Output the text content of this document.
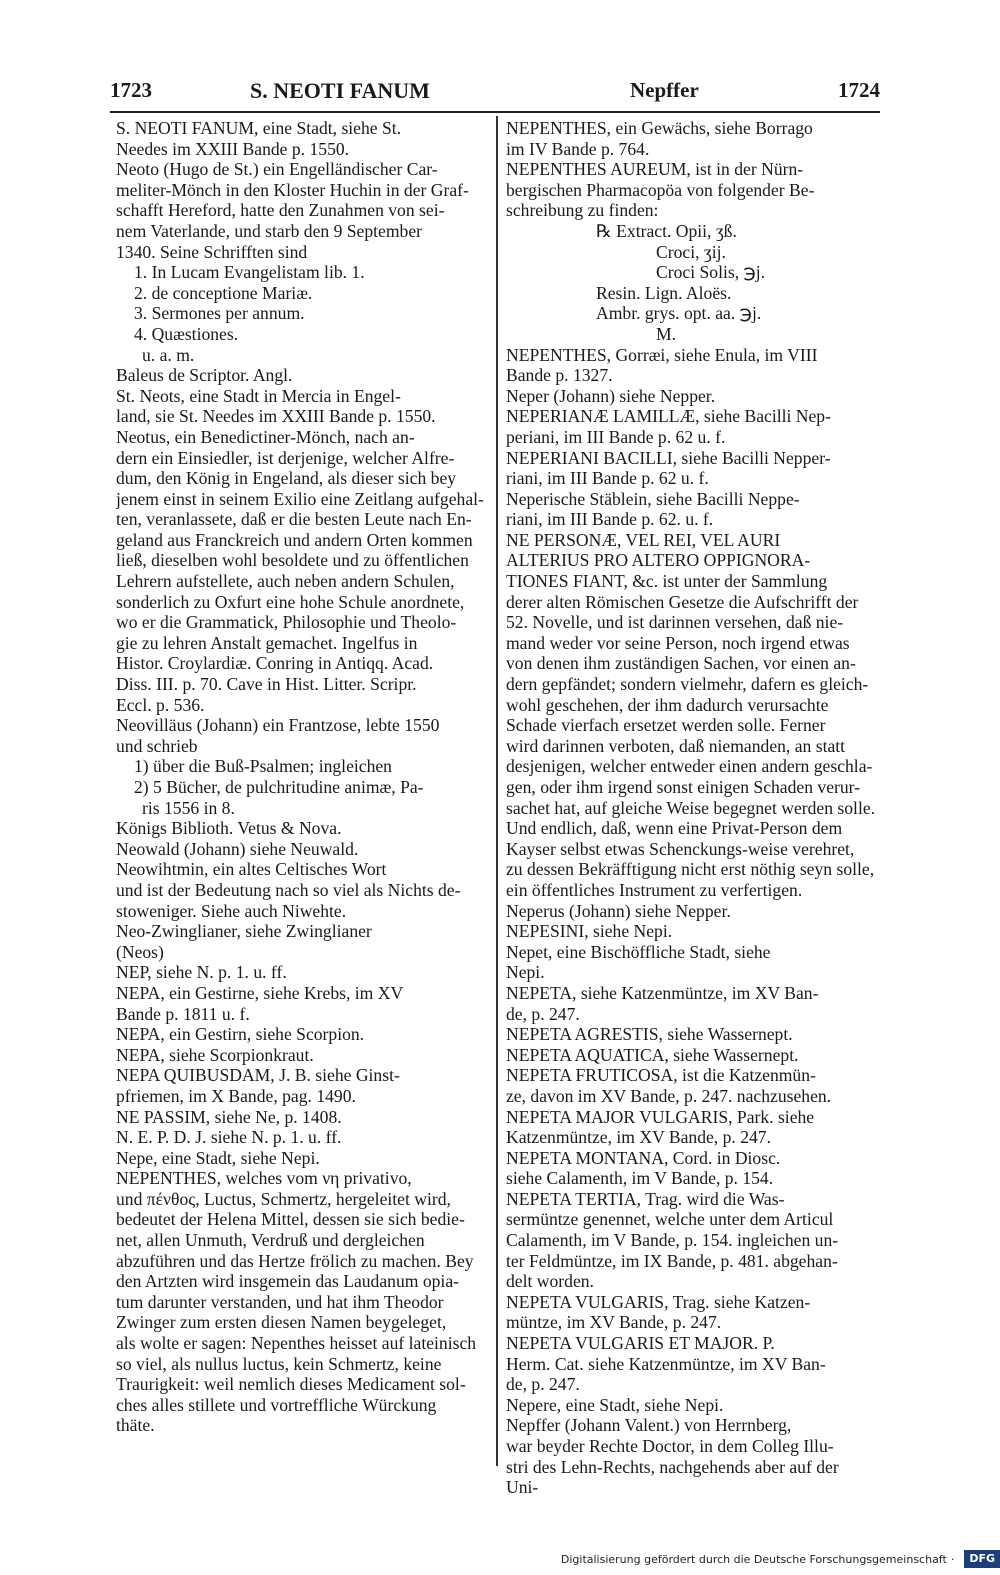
1723	S. NEOTI FANUM	Nepffer	1724
S. NEOTI FANUM, eine Stadt, siehe St.
Needes im XXIII Bande p. 1550.
Neoto (Hugo de St.) ein Engelländischer Car-
meliter-Mönch in den Kloster Huchin in der Graf-
schafft Hereford, hatte den Zunahmen von sei-
nem Vaterlande, und starb den 9 September
1340. Seine Schrifften sind
1. In Lucam Evangelistam lib. 1.
2. de conceptione Mariæ.
3. Sermones per annum.
4. Quæstiones.
u. a. m.
Baleus de Scriptor. Angl.
St. Neots, eine Stadt in Mercia in Engel-
land, sie St. Needes im XXIII Bande p. 1550.
Neotus, ein Benedictiner-Mönch, nach an-
dern ein Einsiedler, ist derjenige, welcher Alfre-
dum, den König in Engeland, als dieser sich bey
jenem einst in seinem Exilio eine Zeitlang aufgehal-
ten, veranlassete, daß er die besten Leute nach En-
geland aus Franckreich und andern Orten kommen
ließ, dieselben wohl besoldete und zu öffentlichen
Lehrern aufstellete, auch neben andern Schulen,
sonderlich zu Oxfurt eine hohe Schule anordnete,
wo er die Grammatick, Philosophie und Theolo-
gie zu lehren Anstalt gemachet. Ingelfus in
Histor. Croylardiæ. Conring in Antiqq. Acad.
Diss. III. p. 70. Cave in Hist. Litter. Scripr.
Eccl. p. 536.
Neovilläus (Johann) ein Frantzose, lebte 1550
und schrieb
1) über die Buß-Psalmen; ingleichen
2) 5 Bücher, de pulchritudine animæ, Pa-
ris 1556 in 8.
Königs Biblioth. Vetus & Nova.
Neowald (Johann) siehe Neuwald.
Neowihtmin, ein altes Celtisches Wort
und ist der Bedeutung nach so viel als Nichts de-
stoweniger. Siehe auch Niwehte.
Neo-Zwinglianer, siehe Zwinglianer
(Neos)
NEP, siehe N. p. 1. u. ff.
NEPA, ein Gestirne, siehe Krebs, im XV
Bande p. 1811 u. f.
NEPA, ein Gestirn, siehe Scorpion.
NEPA, siehe Scorpionkraut.
NEPA QUIBUSDAM, J. B. siehe Ginst-
pfriemen, im X Bande, pag. 1490.
NE PASSIM, siehe Ne, p. 1408.
N. E. P. D. J. siehe N. p. 1. u. ff.
Nepe, eine Stadt, siehe Nepi.
NEPENTHES, welches vom νη privativo,
und πένθος, Luctus, Schmertz, hergeleitet wird,
bedeutet der Helena Mittel, dessen sie sich bedie-
net, allen Unmuth, Verdruß und dergleichen
abzuführen und das Hertze frölich zu machen. Bey
den Artzten wird insgemein das Laudanum opia-
tum darunter verstanden, und hat ihm Theodor
Zwinger zum ersten diesen Namen beygeleget,
als wolte er sagen: Nepenthes heisset auf lateinisch
so viel, als nullus luctus, kein Schmertz, keine
Traurigkeit: weil nemlich dieses Medicament sol-
ches alles stillete und vortreffliche Würckung
thäte.
NEPENTHES, ein Gewächs, siehe Borrago
im IV Bande p. 764.
NEPENTHES AUREUM, ist in der Nürn-
bergischen Pharmacopöa von folgender Be-
schreibung zu finden:
℞ Extract. Opii, ʒß.
Croci, ʒij.
Croci Solis, ℈j.
Resin. Lign. Aloës.
Ambr. grys. opt. aa. ℈j.
M.
NEPENTHES, Gorræi, siehe Enula, im VIII
Bande p. 1327.
Neper (Johann) siehe Nepper.
NEPERIANÆ LAMILLÆ, siehe Bacilli Nep-
periani, im III Bande p. 62 u. f.
NEPERIANI BACILLI, siehe Bacilli Nepper-
riani, im III Bande p. 62 u. f.
Neperische Stäblein, siehe Bacilli Neppe-
riani, im III Bande p. 62. u. f.
NE PERSONÆ, VEL REI, VEL AURI
ALTERIUS PRO ALTERO OPPIGNORA-
TIONES FIANT, &c. ist unter der Sammlung
derer alten Römischen Gesetze die Aufschrifft der
52. Novelle, und ist darinnen versehen, daß nie-
mand weder vor seine Person, noch irgend etwas
von denen ihm zuständigen Sachen, vor einen an-
dern gepfändet; sondern vielmehr, dafern es gleich-
wohl geschehen, der ihm dadurch verursachte
Schade vierfach ersetzet werden solle. Ferner
wird darinnen verboten, daß niemanden, an statt
desjenigen, welcher entweder einen andern geschla-
gen, oder ihm irgend sonst einigen Schaden verur-
sachet hat, auf gleiche Weise begegnet werden solle.
Und endlich, daß, wenn eine Privat-Person dem
Kayser selbst etwas Schenckungs-weise verehret,
zu dessen Bekräfftigung nicht erst nöthig seyn solle,
ein öffentliches Instrument zu verfertigen.
Neperus (Johann) siehe Nepper.
NEPESINI, siehe Nepi.
Nepet, eine Bischöffliche Stadt, siehe
Nepi.
NEPETA, siehe Katzenmüntze, im XV Ban-
de, p. 247.
NEPETA AGRESTIS, siehe Wassernept.
NEPETA AQUATICA, siehe Wassernept.
NEPETA FRUTICOSA, ist die Katzenmün-
ze, davon im XV Bande, p. 247. nachzusehen.
NEPETA MAJOR VULGARIS, Park. siehe
Katzenmüntze, im XV Bande, p. 247.
NEPETA MONTANA, Cord. in Diosc.
siehe Calamenth, im V Bande, p. 154.
NEPETA TERTIA, Trag. wird die Was-
sermüntze genennet, welche unter dem Articul
Calamenth, im V Bande, p. 154. ingleichen un-
ter Feldmüntze, im IX Bande, p. 481. abgehan-
delt worden.
NEPETA VULGARIS, Trag. siehe Katzen-
müntze, im XV Bande, p. 247.
NEPETA VULGARIS ET MAJOR. P.
Herm. Cat. siehe Katzenmüntze, im XV Ban-
de, p. 247.
Nepere, eine Stadt, siehe Nepi.
Nepffer (Johann Valent.) von Herrnberg,
war beyder Rechte Doctor, in dem Colleg Illu-
stri des Lehn-Rechts, nachgehends aber auf der
Uni-
Digitalisierung gefördert durch die Deutsche Forschungsgemeinschaft ·	DFG
